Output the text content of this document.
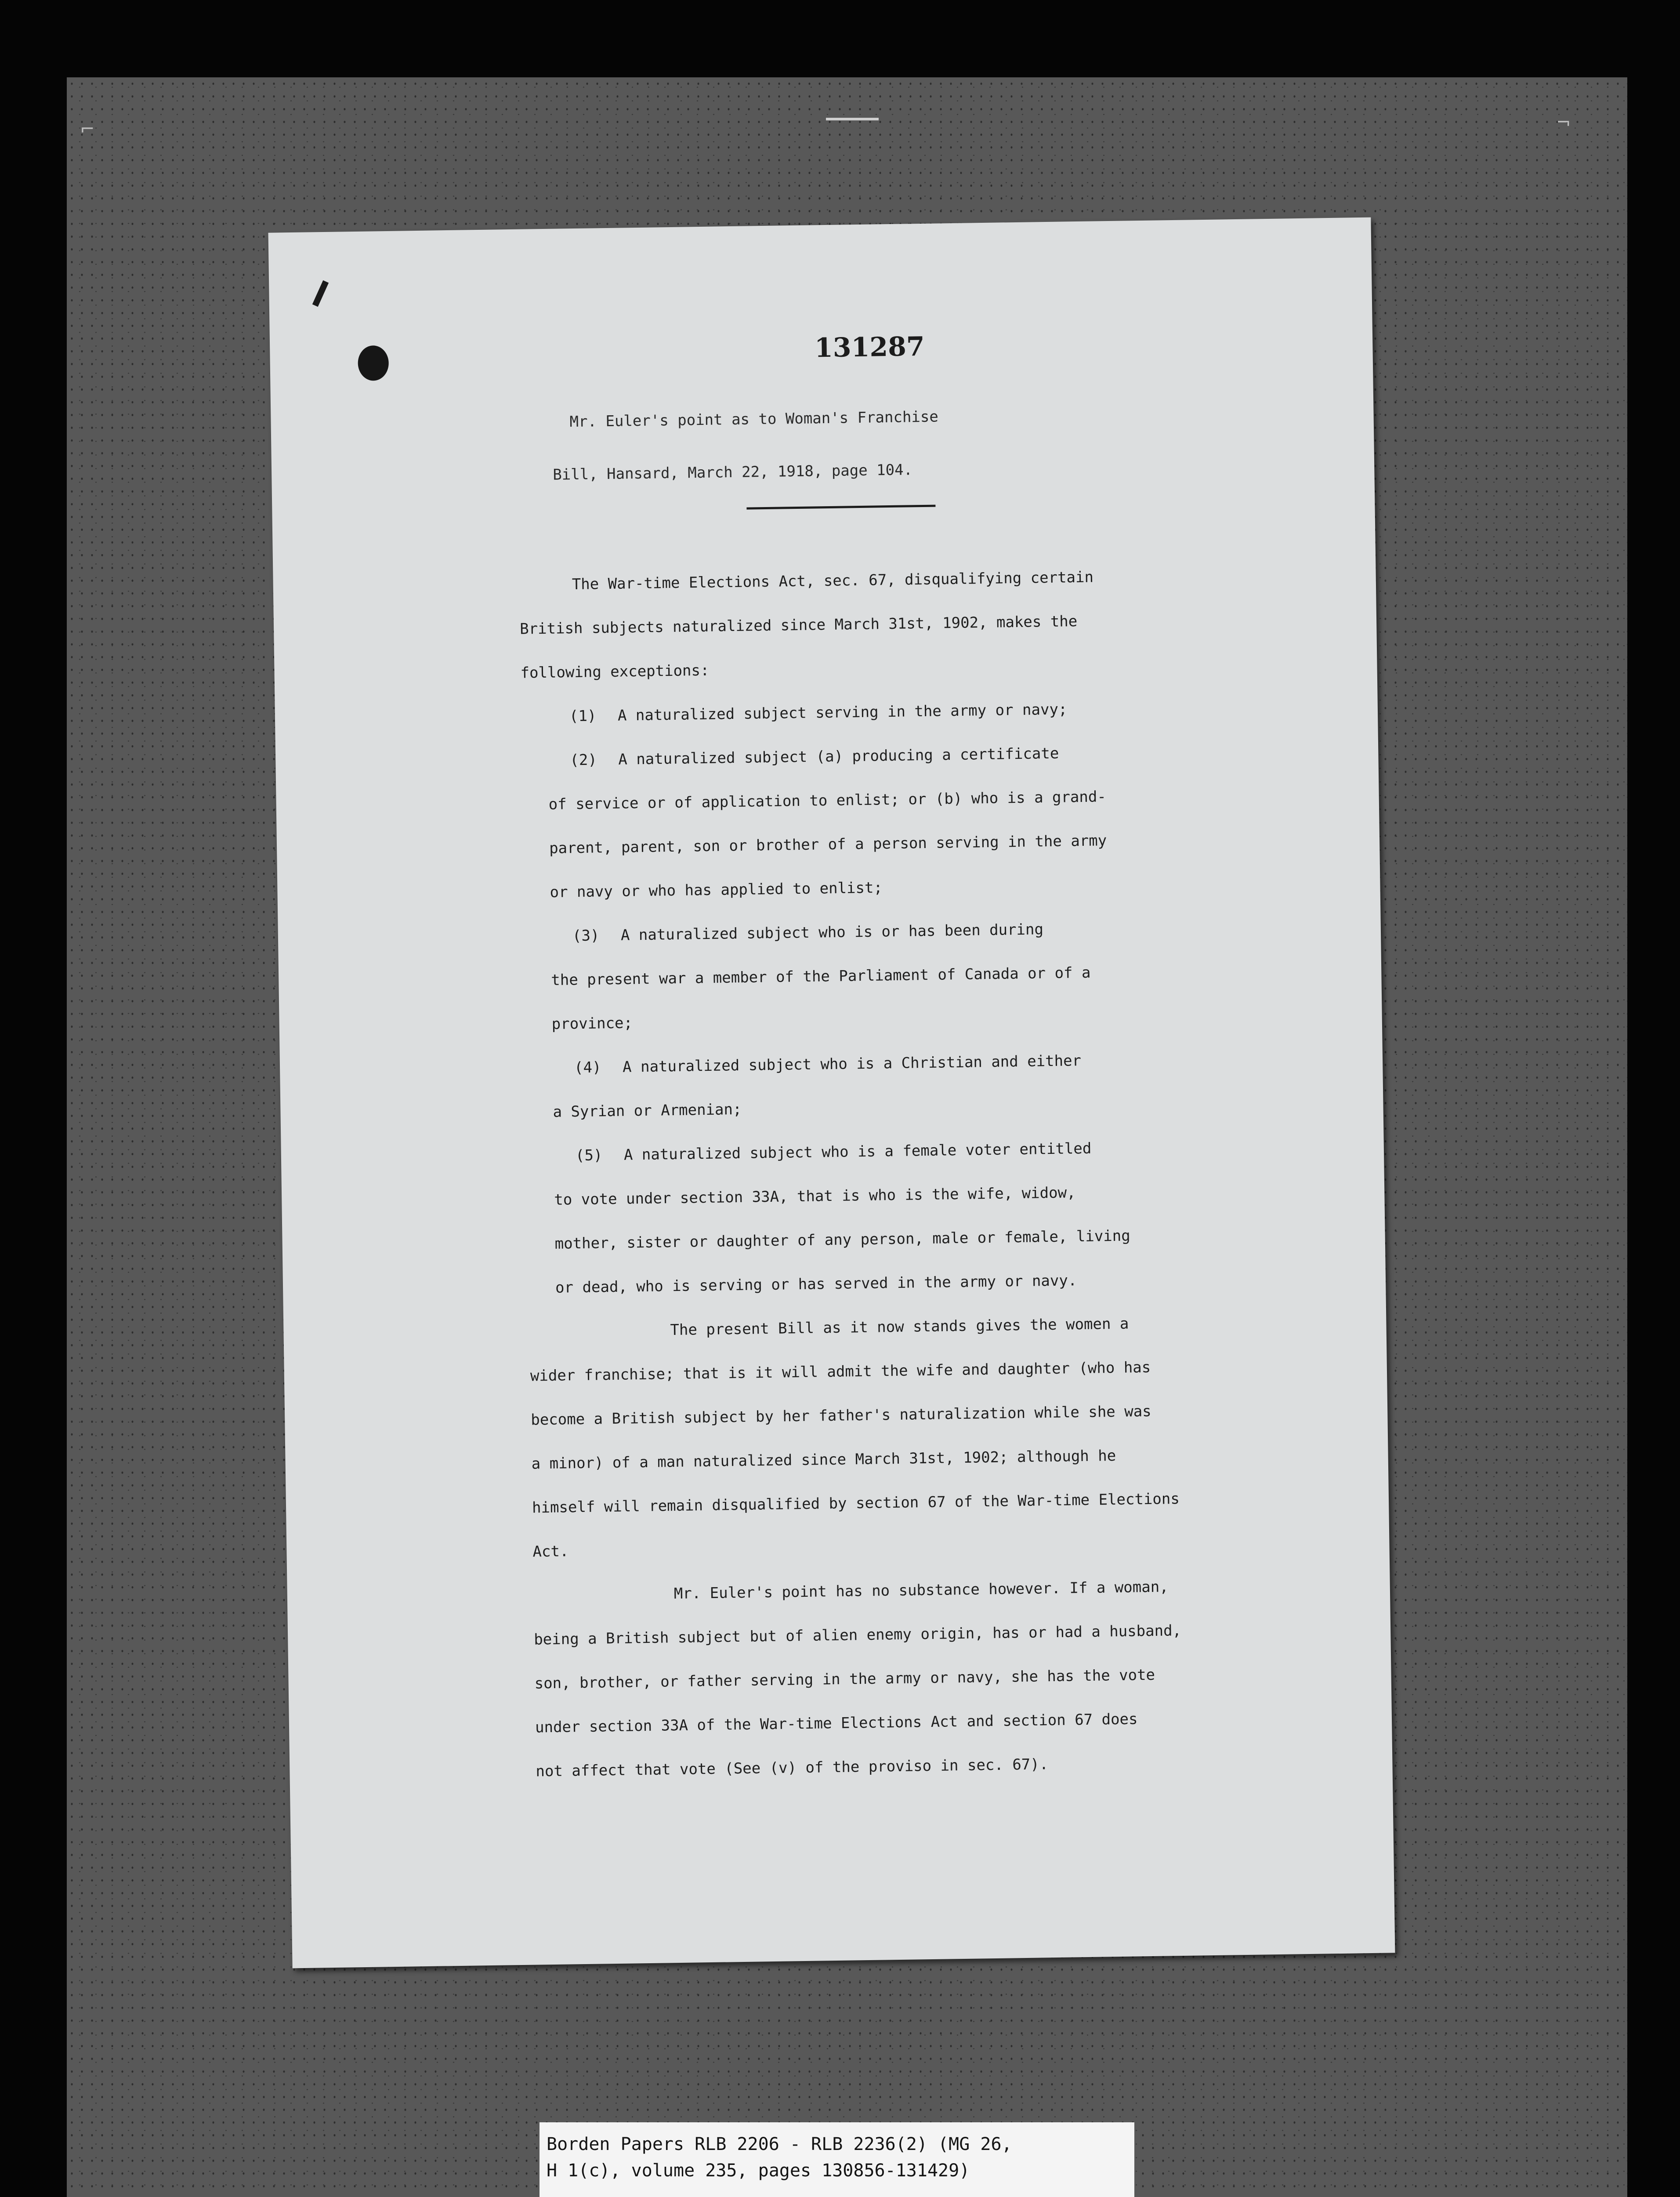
⌐	¬
131287
Mr. Euler's point as to Woman's Franchise
Bill, Hansard, March 22, 1918, page 104.

The War-time Elections Act, sec. 67, disqualifying certain

British subjects naturalized since March 31st, 1902, makes the

following exceptions:

(1) A naturalized subject serving in the army or navy;

(2) A naturalized subject (a) producing a certificate

of service or of application to enlist; or (b) who is a grand-

parent, parent, son or brother of a person serving in the army

or navy or who has applied to enlist;

(3) A naturalized subject who is or has been during

the present war a member of the Parliament of Canada or of a

province;

(4) A naturalized subject who is a Christian and either

a Syrian or Armenian;

(5) A naturalized subject who is a female voter entitled

to vote under section 33A, that is who is the wife, widow,

mother, sister or daughter of any person, male or female, living

or dead, who is serving or has served in the army or navy.

The present Bill as it now stands gives the women a

wider franchise; that is it will admit the wife and daughter (who has

become a British subject by her father's naturalization while she was

a minor) of a man naturalized since March 31st, 1902; although he

himself will remain disqualified by section 67 of the War-time Elections

Act.

Mr. Euler's point has no substance however. If a woman,

being a British subject but of alien enemy origin, has or had a husband,

son, brother, or father serving in the army or navy, she has the vote

under section 33A of the War-time Elections Act and section 67 does

not affect that vote (See (v) of the proviso in sec. 67).

Borden Papers RLB 2206 - RLB 2236(2) (MG 26,
H 1(c), volume 235, pages 130856-131429)
